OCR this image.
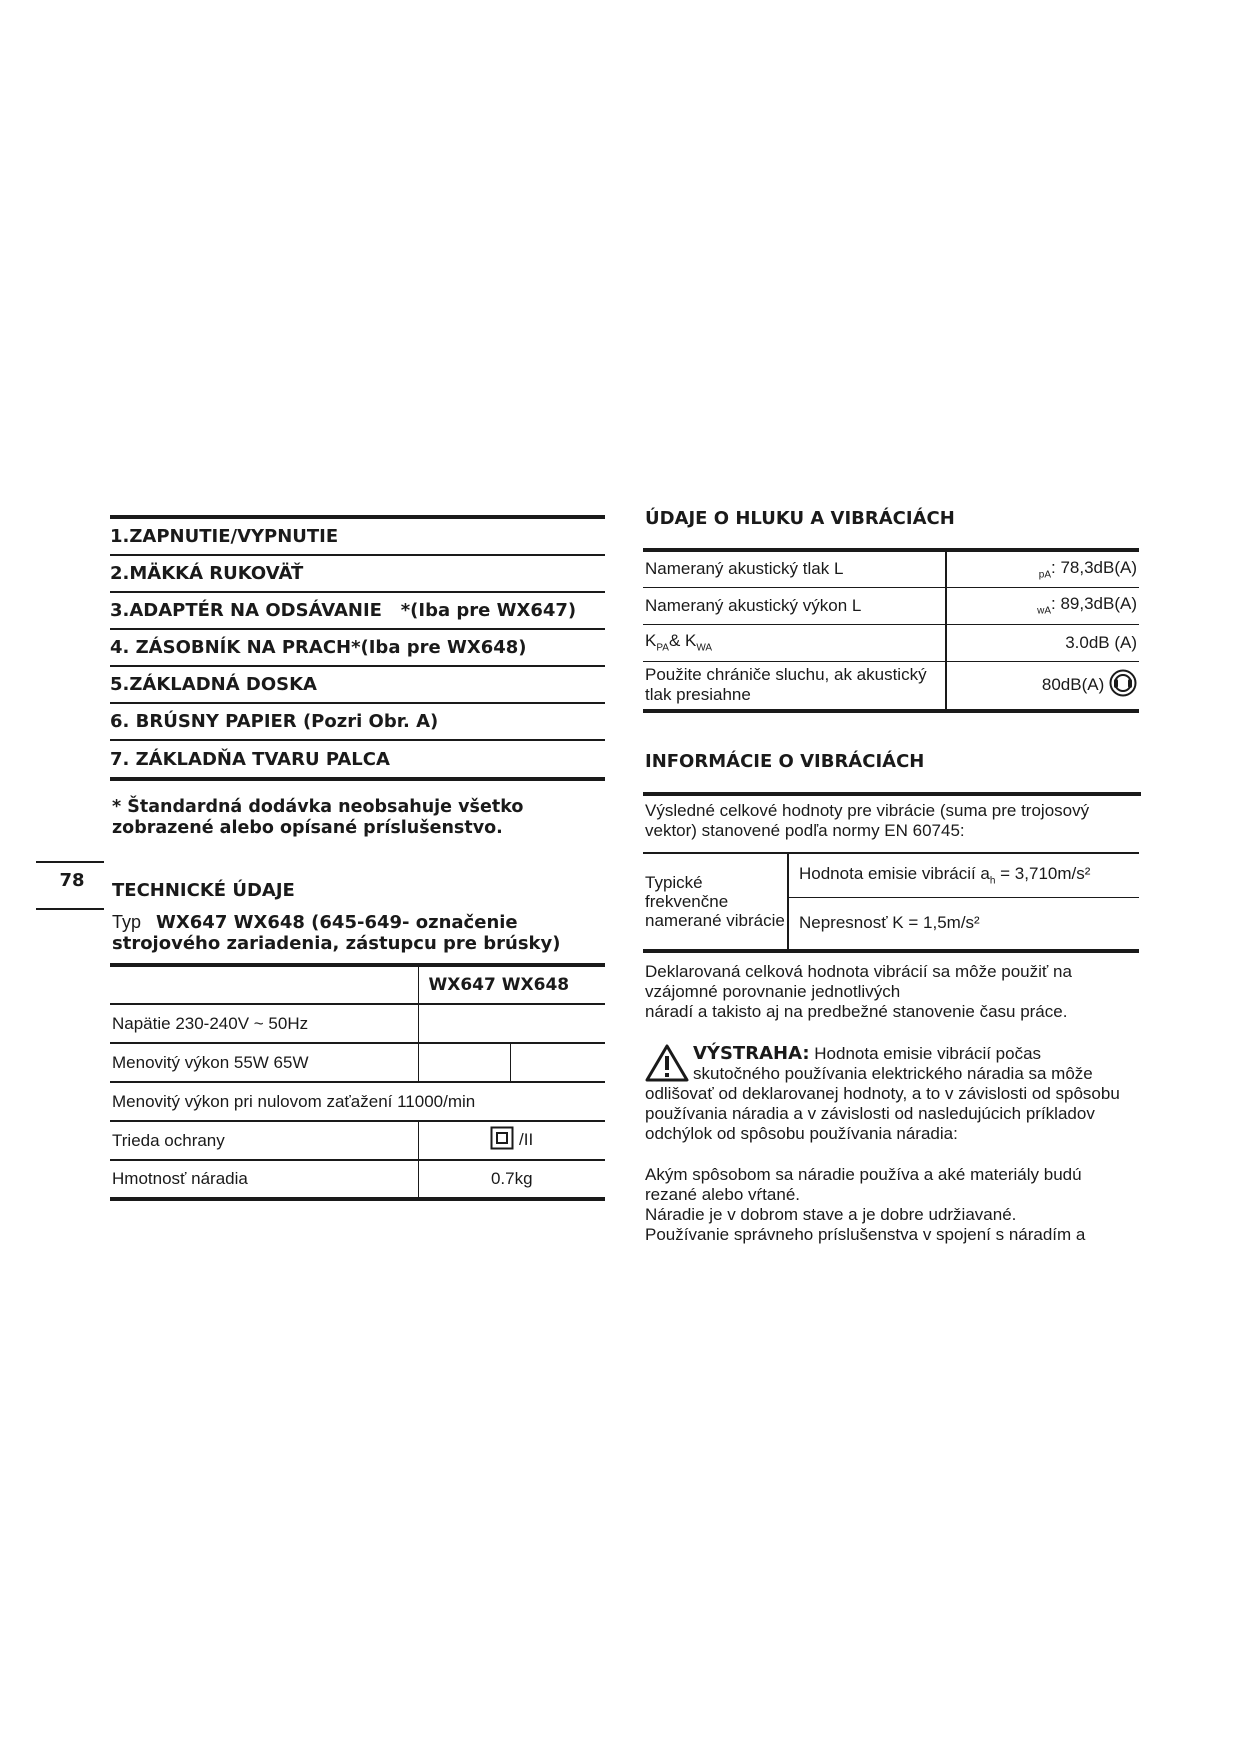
1.ZAPNUTIE/VYPNUTIE
2.MÄKKÁ RUKOVÄŤ
3.ADAPTÉR NA ODSÁVANIE   *(Iba pre WX647)
4. ZÁSOBNÍK NA PRACH*(Iba pre WX648)
5.ZÁKLADNÁ DOSKA
6. BRÚSNY PAPIER (Pozri Obr. A)
7. ZÁKLADŇA TVARU PALCA
* Štandardná dodávka neobsahuje všetko zobrazené alebo opísané príslušenstvo.
78	TECHNICKÉ ÚDAJE
Typ WX647 WX648 (645-649- označenie strojového zariadenia, zástupcu pre brúsky)
	WX647 WX648	
Napätie 230-240V ~ 50Hz		
Menovitý výkon 55W 65W		
Menovitý výkon pri nulovom zaťažení 11000/min		
Trieda ochrany	/II	
Hmotnosť náradia	0.7kg	
ÚDAJE O HLUKU A VIBRÁCIÁCH
Nameraný akustický tlak L	$_{pA}$: 78,3dB(A)
Nameraný akustický výkon L	$_{wA}$: 89,3dB(A)
$K_{PA}\&$ $K_{WA}$	3.0dB (A)
Použite chrániče sluchu, ak akustický tlak presiahne	80dB(A)
INFORMÁCIE O VIBRÁCIÁCH
Výsledné celkové hodnoty pre vibrácie (suma pre trojosový vektor) stanovené podľa normy EN 60745:
Typické frekvenčne namerané vibrácie	Hodnota emisie vibrácií $a_h = 3,710m/s^2$
Nepresnosť K = 1,5m/s²
Deklarovaná celková hodnota vibrácií sa môže použiť na vzájomné porovnanie jednotlivých
náradí a takisto aj na predbežné stanovenie času práce.
VÝSTRAHA: Hodnota emisie vibrácií počas
skutočného používania elektrického náradia sa môže
odlišovať od deklarovanej hodnoty, a to v závislosti od spôsobu používania náradia a v závislosti od nasledujúcich príkladov odchýlok od spôsobu používania náradia:
Akým spôsobom sa náradie používa a aké materiály budú rezané alebo vŕtané.
Náradie je v dobrom stave a je dobre udržiavané.
Používanie správneho príslušenstva v spojení s náradím a
